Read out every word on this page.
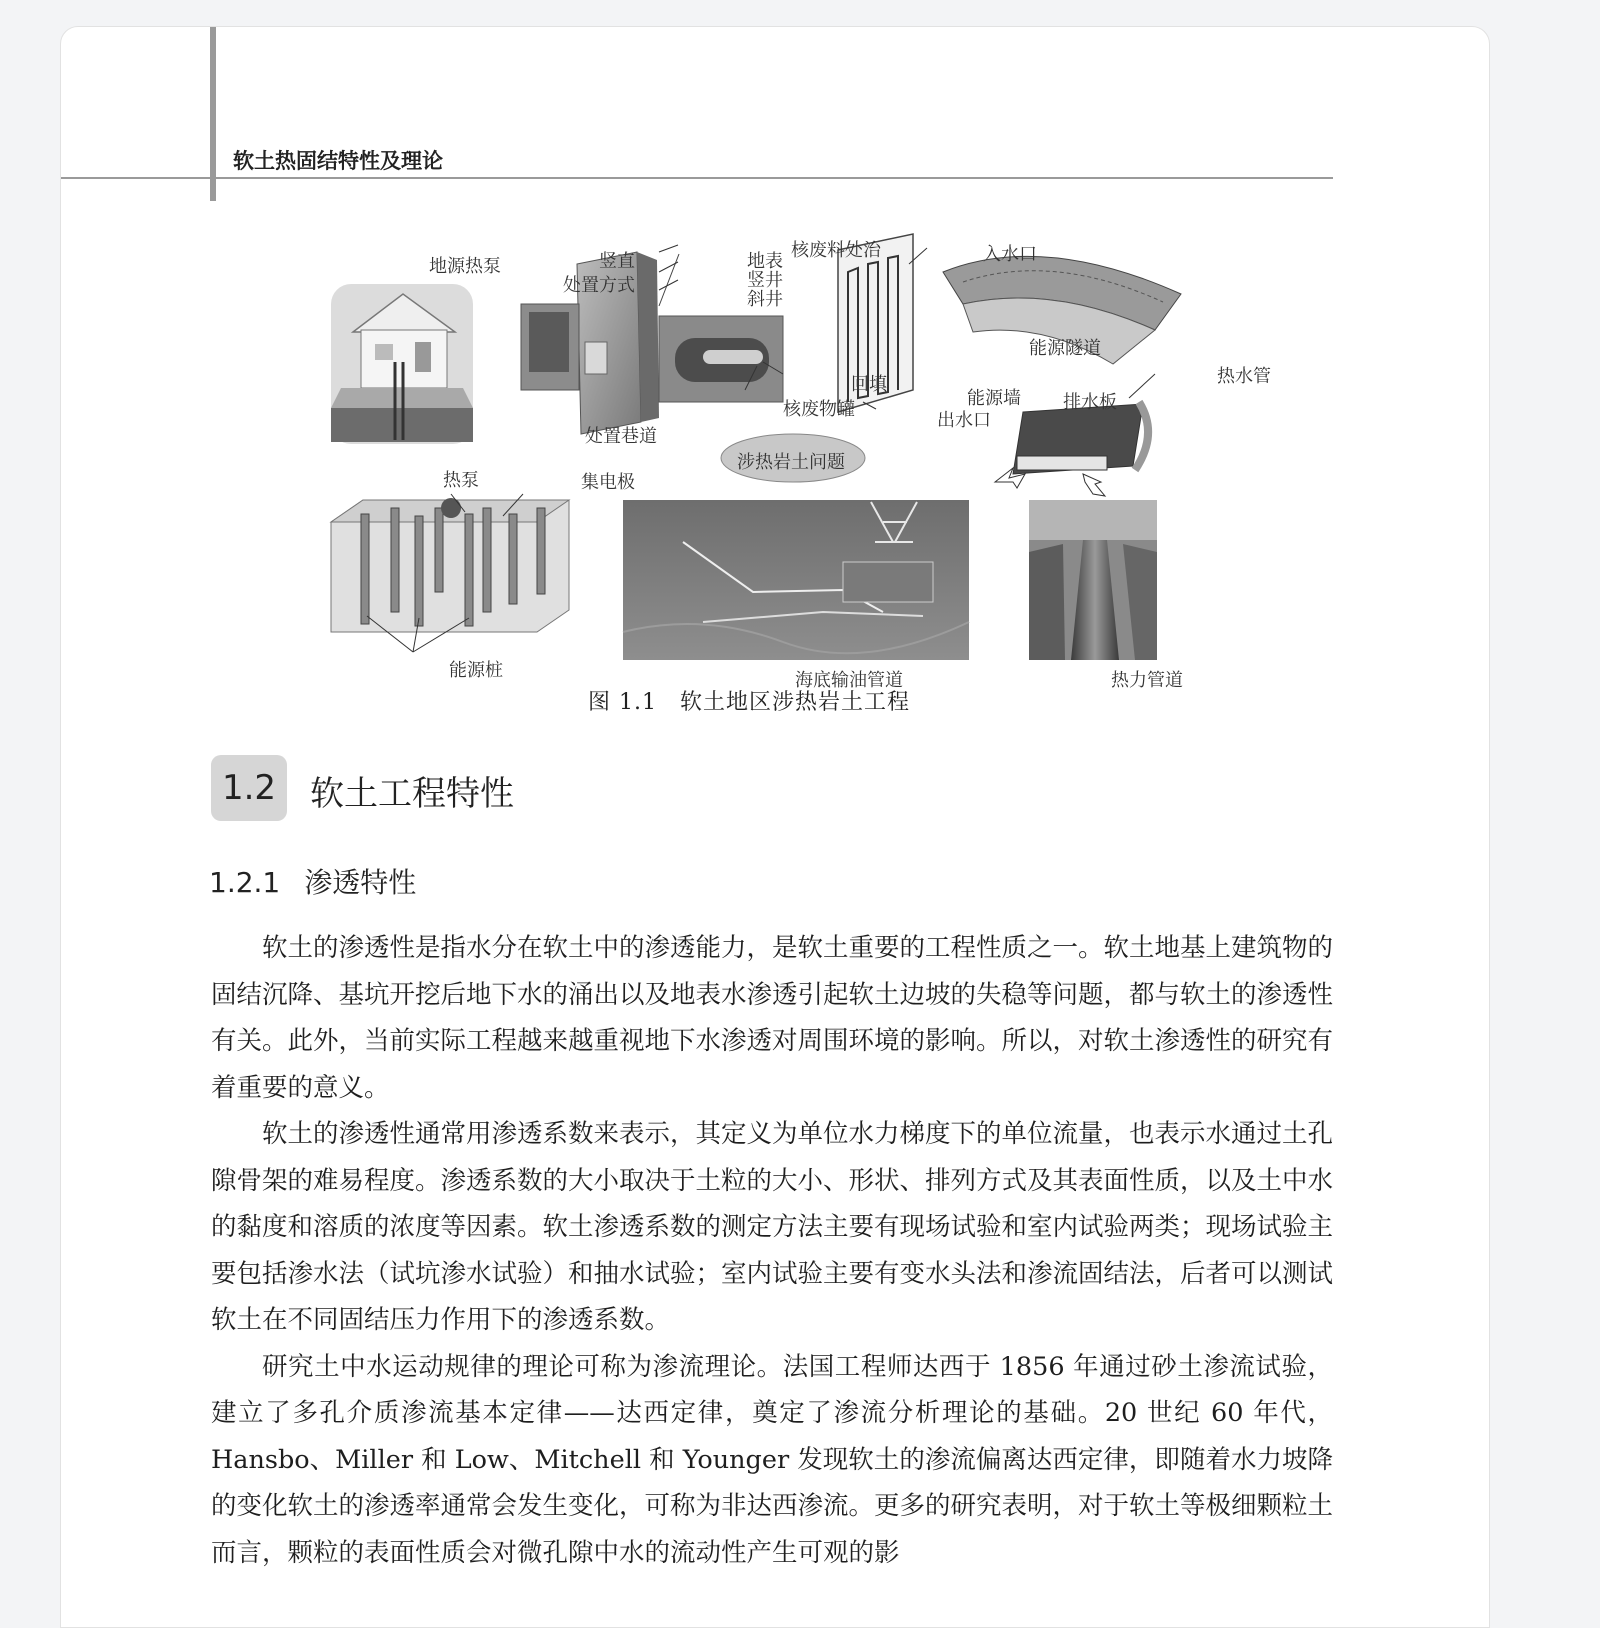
软土热固结特性及理论
地源热泵	竖直
处置方式
核废料处治
地表
竖井
斜井
回填
核废物罐
处置巷道
入水口
能源隧道
能源墙
出水口
排水板
热水管
涉热岩土问题
热泵	集电极
能源桩	海底输油管道	热力管道
图 1.1　软土地区涉热岩土工程
1.2 软土工程特性
1.2.1 渗透特性

软土的渗透性是指水分在软土中的渗透能力，是软土重要的工程性质之一。软土地基上建筑物的固结沉降、基坑开挖后地下水的涌出以及地表水渗透引起软土边坡的失稳等问题，都与软土的渗透性有关。此外，当前实际工程越来越重视地下水渗透对周围环境的影响。所以，对软土渗透性的研究有着重要的意义。

软土的渗透性通常用渗透系数来表示，其定义为单位水力梯度下的单位流量，也表示水通过土孔隙骨架的难易程度。渗透系数的大小取决于土粒的大小、形状、排列方式及其表面性质，以及土中水的黏度和溶质的浓度等因素。软土渗透系数的测定方法主要有现场试验和室内试验两类；现场试验主要包括渗水法（试坑渗水试验）和抽水试验；室内试验主要有变水头法和渗流固结法，后者可以测试软土在不同固结压力作用下的渗透系数。

研究土中水运动规律的理论可称为渗流理论。法国工程师达西于 1856 年通过砂土渗流试验，建立了多孔介质渗流基本定律——达西定律，奠定了渗流分析理论的基础。20 世纪 60 年代，Hansbo、Miller 和 Low、Mitchell 和 Younger 发现软土的渗流偏离达西定律，即随着水力坡降的变化软土的渗透率通常会发生变化，可称为非达西渗流。更多的研究表明，对于软土等极细颗粒土而言，颗粒的表面性质会对微孔隙中水的流动性产生可观的影
